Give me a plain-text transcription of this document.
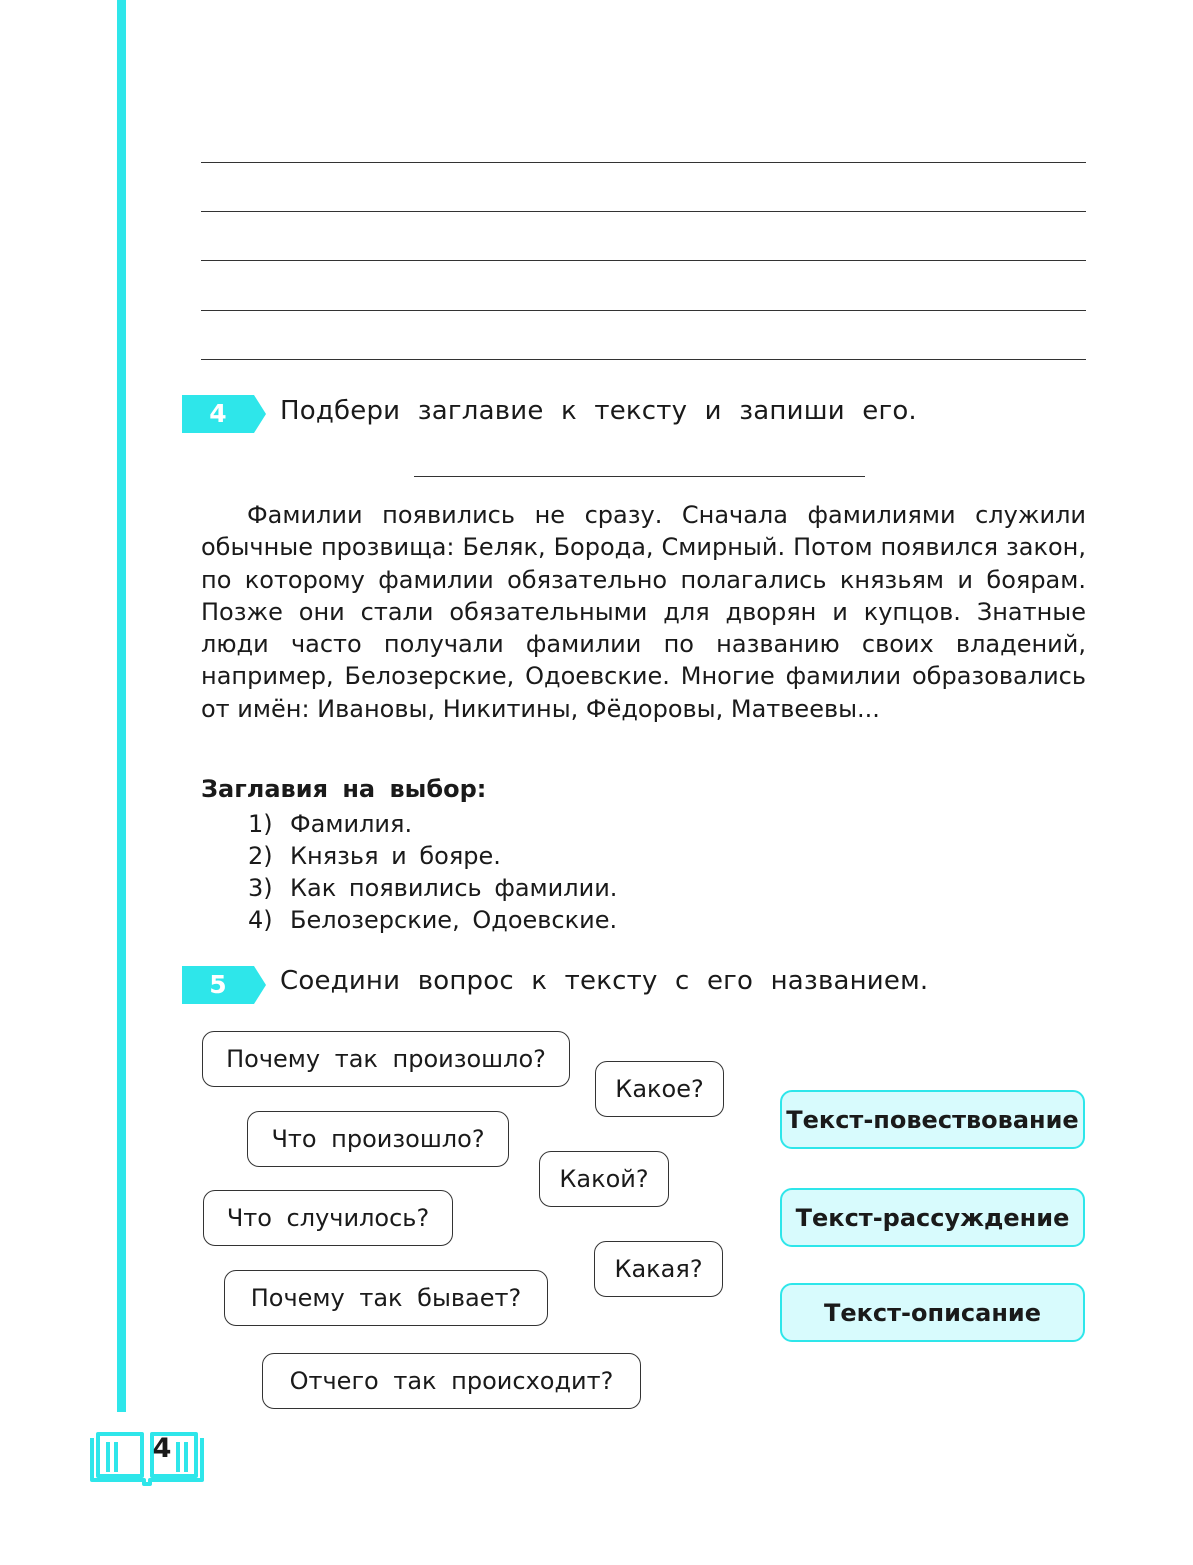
4	Подбери заглавие к тексту и запиши его.

Фамилии появились не сразу. Сначала фамилиями служили обычные прозвища: Беляк, Борода, Смирный. Потом появился закон, по которому фамилии обязательно полагались князьям и боярам. Позже они стали обязательными для дворян и купцов. Знатные люди часто получали фамилии по названию своих владений, например, Белозерские, Одоевские. Многие фамилии образовались от имён: Ивановы, Никитины, Фёдоровы, Матвеевы...

Заглавия на выбор:
1) Фамилия.
2) Князья и бояре.
3) Как появились фамилии.
4) Белозерские, Одоевские.
5	Соедини вопрос к тексту с его названием.
Почему так произошло?
Что произошло?
Что случилось?
Почему так бывает?
Отчего так происходит?
Какое?
Какой?
Какая?
Текст-повествование
Текст-рассуждение
Текст-описание
4
